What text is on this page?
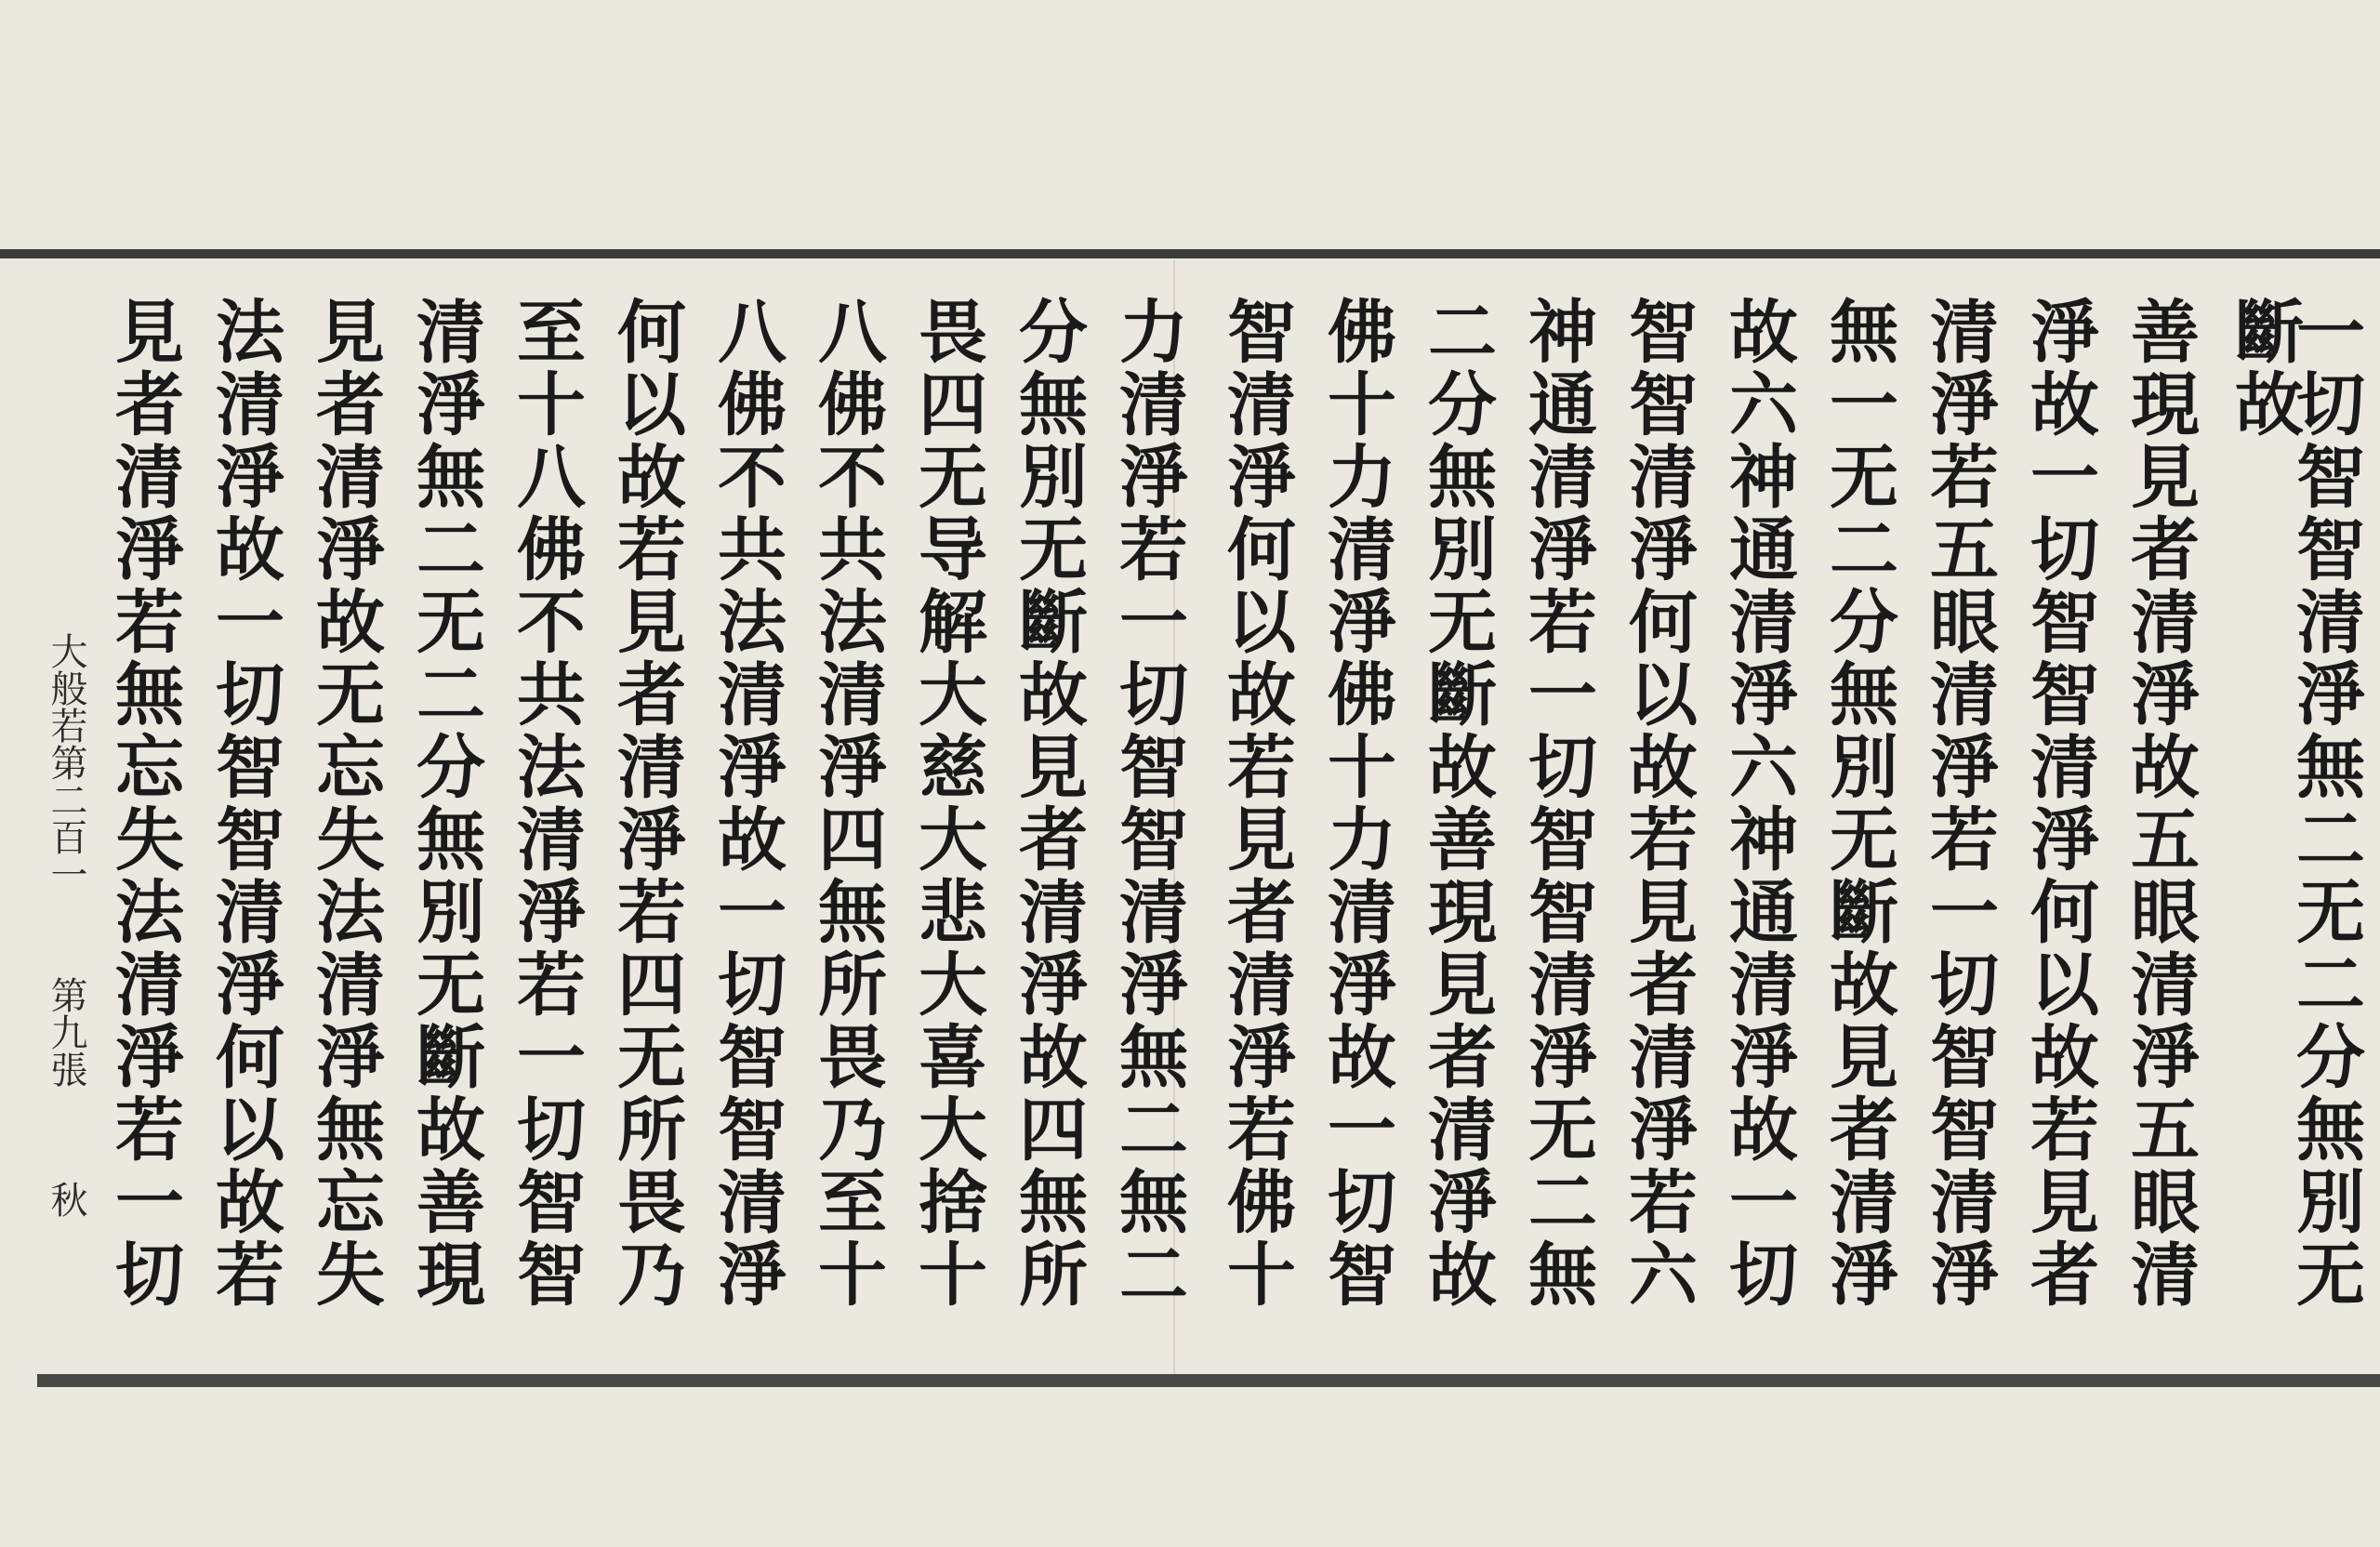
一切智智清淨無二无二分無別无
斷故
善現見者清淨故五眼清淨五眼清
淨故一切智智清淨何以故若見者
清淨若五眼清淨若一切智智清淨
無一无二分無別无斷故見者清淨
故六神通清淨六神通清淨故一切
智智清淨何以故若見者清淨若六
神通清淨若一切智智清淨无二無
二分無別无斷故善現見者清淨故
佛十力清淨佛十力清淨故一切智
智清淨何以故若見者清淨若佛十
力清淨若一切智智清淨無二無二
分無別无斷故見者清淨故四無所
畏四无导解大慈大悲大喜大捨十
八佛不共法清淨四無所畏乃至十
八佛不共法清淨故一切智智清淨
何以故若見者清淨若四无所畏乃
至十八佛不共法清淨若一切智智
清淨無二无二分無別无斷故善現
見者清淨故无忘失法清淨無忘失
法清淨故一切智智清淨何以故若
見者清淨若無忘失法清淨若一切
大般若第二百一
第九張
秋
